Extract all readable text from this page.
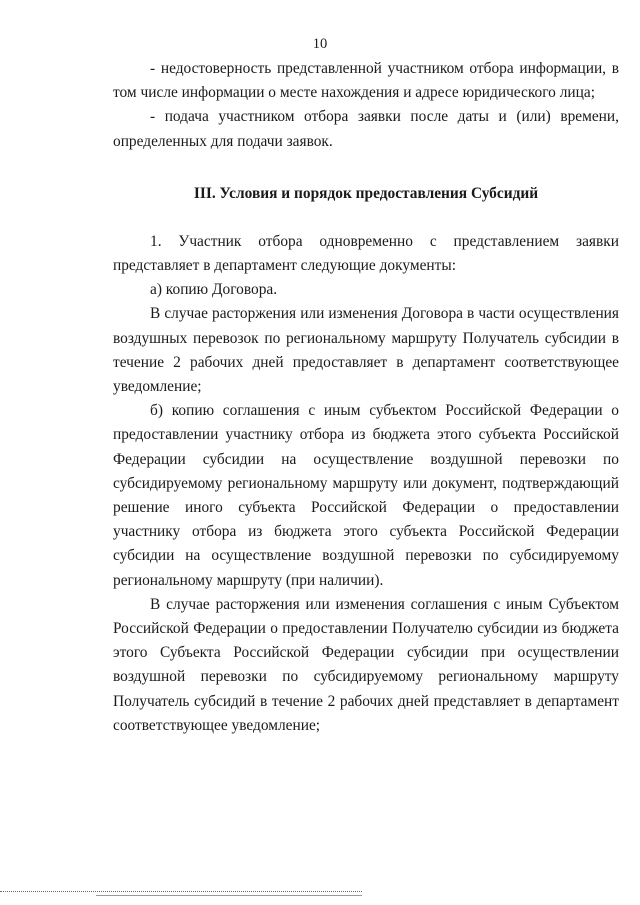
10

- недостоверность представленной участником отбора информации, в том числе информации о месте нахождения и адресе юридического лица;

- подача участником отбора заявки после даты и (или) времени, определенных для подачи заявок.

III. Условия и порядок предоставления Субсидий

1. Участник отбора одновременно с представлением заявки представляет в департамент следующие документы:

а) копию Договора.

В случае расторжения или изменения Договора в части осуществления воздушных перевозок по региональному маршруту Получатель субсидии в течение 2 рабочих дней предоставляет в департамент соответствующее уведомление;

б) копию соглашения с иным субъектом Российской Федерации о предоставлении участнику отбора из бюджета этого субъекта Российской Федерации субсидии на осуществление воздушной перевозки по субсидируемому региональному маршруту или документ, подтверждающий решение иного субъекта Российской Федерации о предоставлении участнику отбора из бюджета этого субъекта Российской Федерации субсидии на осуществление воздушной перевозки по субсидируемому региональному маршруту (при наличии).

В случае расторжения или изменения соглашения с иным Субъектом Российской Федерации о предоставлении Получателю субсидии из бюджета этого Субъекта Российской Федерации субсидии при осуществлении воздушной перевозки по субсидируемому региональному маршруту Получатель субсидий в течение 2 рабочих дней представляет в департамент соответствующее уведомление;
